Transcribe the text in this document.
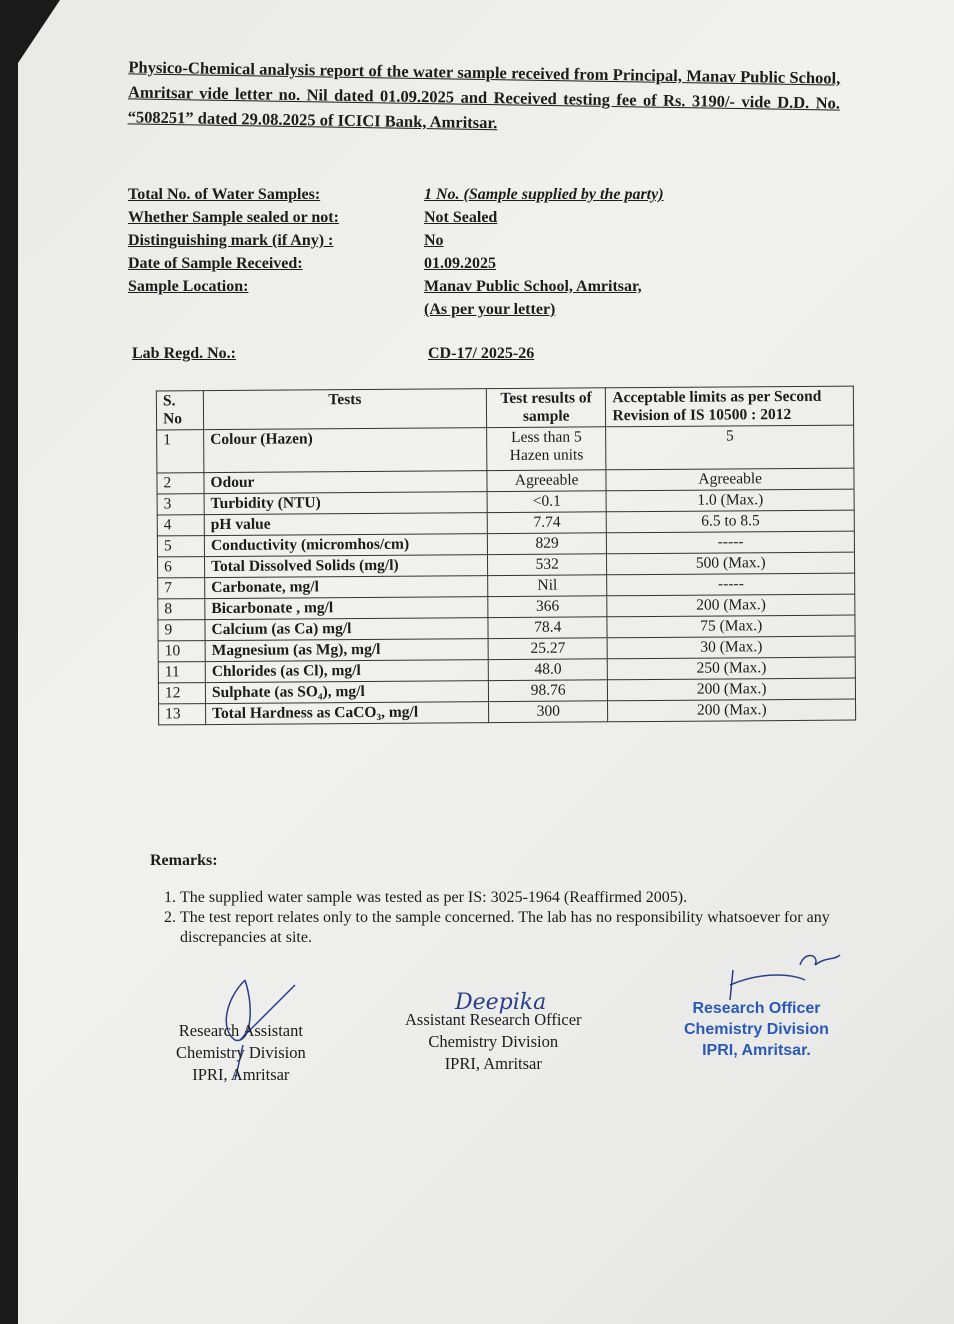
Physico-Chemical analysis report of the water sample received from Principal, Manav Public School, Amritsar vide letter no. Nil dated 01.09.2025 and Received testing fee of Rs. 3190/- vide D.D. No. “508251” dated 29.08.2025 of ICICI Bank, Amritsar.
Total No. of Water Samples:	1 No. (Sample supplied by the party)
Whether Sample sealed or not:	Not Sealed
Distinguishing mark (if Any) :	No
Date of Sample Received:	01.09.2025
Sample Location:	Manav Public School, Amritsar,
(As per your letter)
Lab Regd. No.:	CD-17/ 2025-26
S. No	Tests	Test results of sample	Acceptable limits as per Second Revision of IS 10500 : 2012
1	Colour (Hazen)	Less than 5 Hazen units	5
2	Odour	Agreeable	Agreeable
3	Turbidity (NTU)	<0.1	1.0 (Max.)
4	pH value	7.74	6.5 to 8.5
5	Conductivity (micromhos/cm)	829	-----
6	Total Dissolved Solids (mg/l)	532	500 (Max.)
7	Carbonate, mg/l	Nil	-----
8	Bicarbonate , mg/l	366	200 (Max.)
9	Calcium (as Ca) mg/l	78.4	75 (Max.)
10	Magnesium (as Mg), mg/l	25.27	30 (Max.)
11	Chlorides (as Cl), mg/l	48.0	250 (Max.)
12	Sulphate (as SO₄), mg/l	98.76	200 (Max.)
13	Total Hardness as CaCO₃, mg/l	300	200 (Max.)
Remarks:
1. The supplied water sample was tested as per IS: 3025-1964 (Reaffirmed 2005).
2. The test report relates only to the sample concerned. The lab has no responsibility whatsoever for any discrepancies at site.
Research Assistant
Chemistry Division
IPRI, Amritsar
Deepika
Assistant Research Officer
Chemistry Division
IPRI, Amritsar
Research Officer
Chemistry Division
IPRI, Amritsar.
